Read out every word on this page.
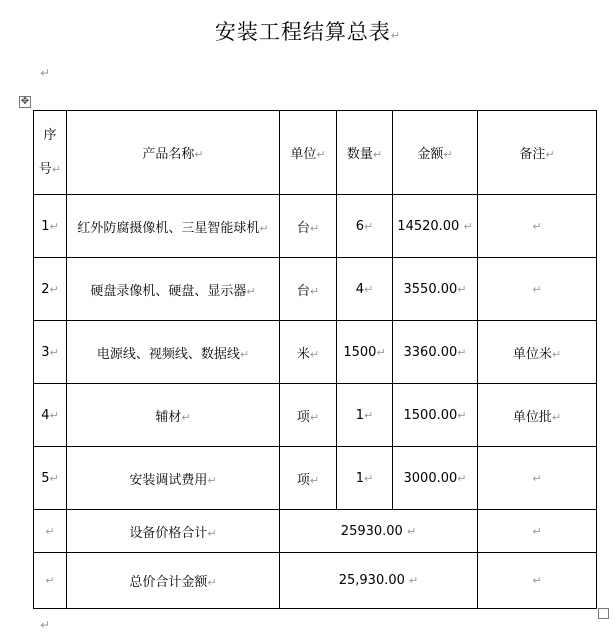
安装工程结算总表↵
↵
✥
序
号↵	产品名称↵	单位↵	数量↵	金额↵	备注↵
1↵	红外防腐摄像机、三星智能球机↵	台↵	6↵	14520.00 ↵	↵
2↵	硬盘录像机、硬盘、显示器↵	台↵	4↵	3550.00↵	↵
3↵	电源线、视频线、数据线↵	米↵	1500↵	3360.00↵	单位米↵
4↵	辅材↵	项↵	1↵	1500.00↵	单位批↵
5↵	安装调试费用↵	项↵	1↵	3000.00↵	↵
↵	设备价格合计↵	25930.00 ↵			↵
↵	总价合计金额↵	25,930.00 ↵			↵
↵
